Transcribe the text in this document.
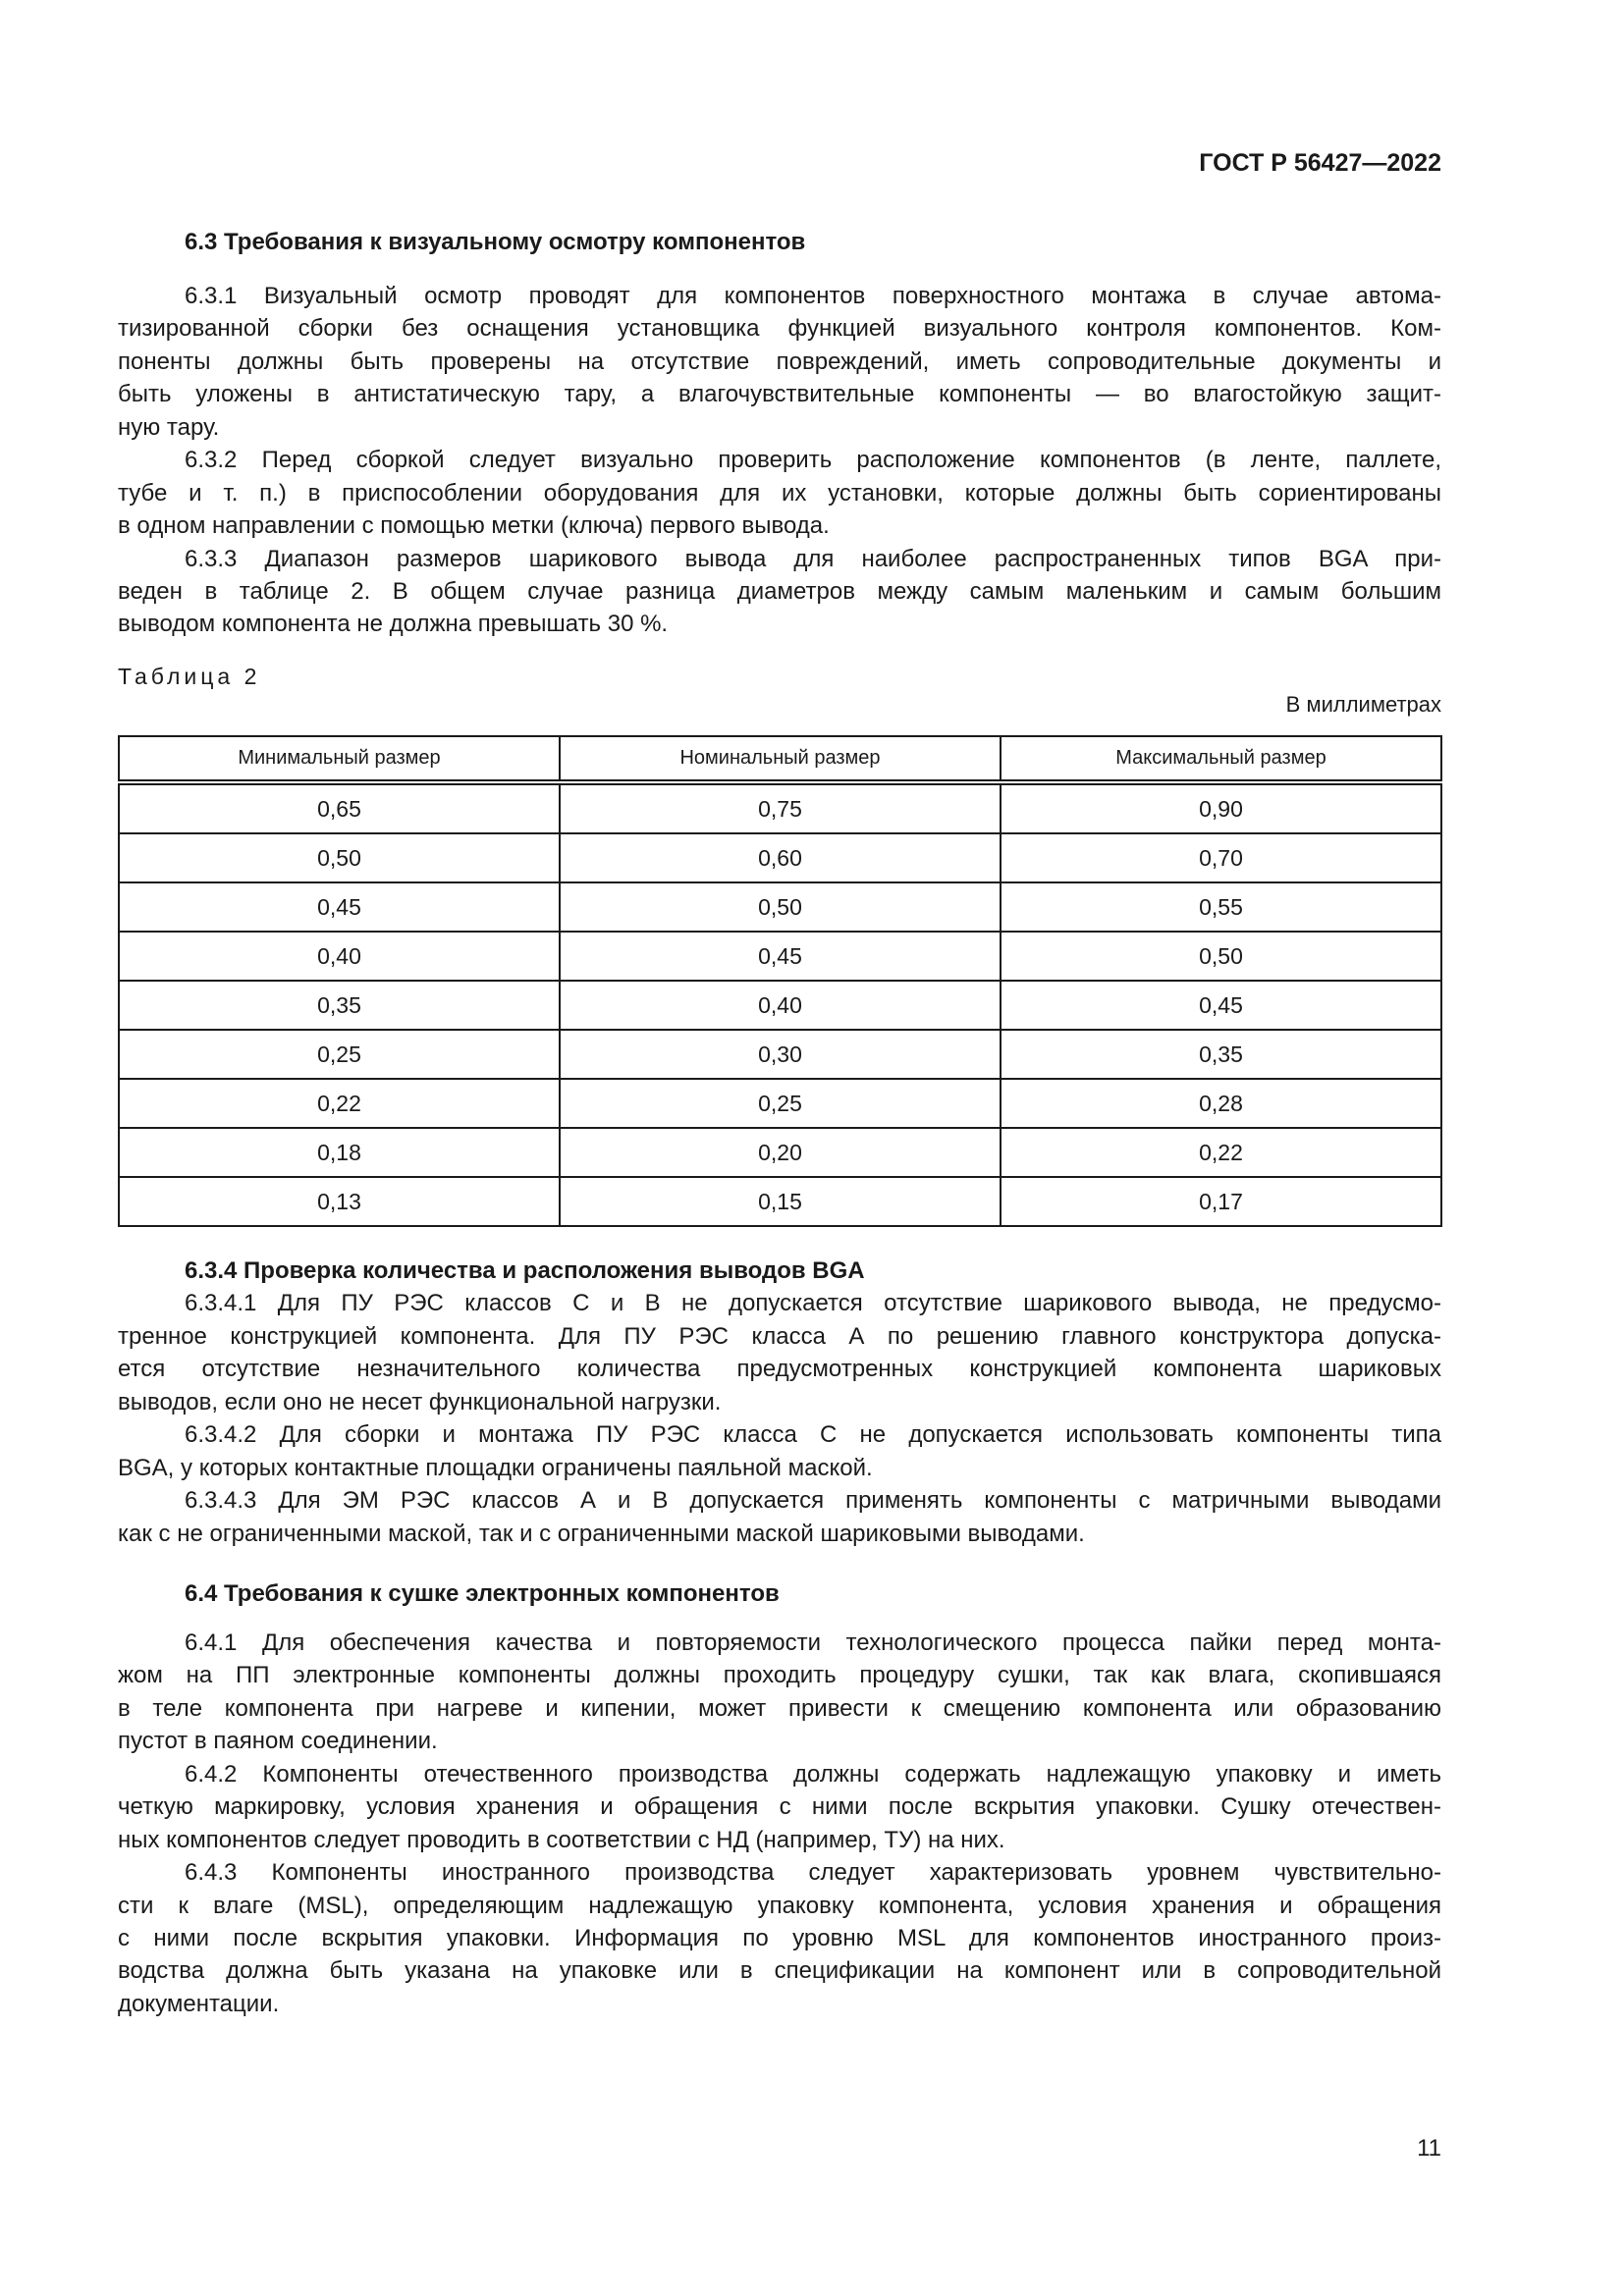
ГОСТ Р 56427—2022
6.3 Требования к визуальному осмотру компонентов
6.3.1 Визуальный осмотр проводят для компонентов поверхностного монтажа в случае автома-
тизированной сборки без оснащения установщика функцией визуального контроля компонентов. Ком-
поненты должны быть проверены на отсутствие повреждений, иметь сопроводительные документы и
быть уложены в антистатическую тару, а влагочувствительные компоненты — во влагостойкую защит-
ную тару.
6.3.2 Перед сборкой следует визуально проверить расположение компонентов (в ленте, паллете,
тубе и т. п.) в приспособлении оборудования для их установки, которые должны быть сориентированы
в одном направлении с помощью метки (ключа) первого вывода.
6.3.3 Диапазон размеров шарикового вывода для наиболее распространенных типов BGA при-
веден в таблице 2. В общем случае разница диаметров между самым маленьким и самым большим
выводом компонента не должна превышать 30 %.
Таблица 2
В миллиметрах
Минимальный размер	Номинальный размер	Максимальный размер
0,65	0,75	0,90
0,50	0,60	0,70
0,45	0,50	0,55
0,40	0,45	0,50
0,35	0,40	0,45
0,25	0,30	0,35
0,22	0,25	0,28
0,18	0,20	0,22
0,13	0,15	0,17
6.3.4 Проверка количества и расположения выводов BGA
6.3.4.1 Для ПУ РЭС классов С и В не допускается отсутствие шарикового вывода, не предусмо-
тренное конструкцией компонента. Для ПУ РЭС класса А по решению главного конструктора допуска-
ется отсутствие незначительного количества предусмотренных конструкцией компонента шариковых
выводов, если оно не несет функциональной нагрузки.
6.3.4.2 Для сборки и монтажа ПУ РЭС класса С не допускается использовать компоненты типа
BGA, у которых контактные площадки ограничены паяльной маской.
6.3.4.3 Для ЭМ РЭС классов А и В допускается применять компоненты с матричными выводами
как с не ограниченными маской, так и с ограниченными маской шариковыми выводами.
6.4 Требования к сушке электронных компонентов
6.4.1 Для обеспечения качества и повторяемости технологического процесса пайки перед монта-
жом на ПП электронные компоненты должны проходить процедуру сушки, так как влага, скопившаяся
в теле компонента при нагреве и кипении, может привести к смещению компонента или образованию
пустот в паяном соединении.
6.4.2 Компоненты отечественного производства должны содержать надлежащую упаковку и иметь
четкую маркировку, условия хранения и обращения с ними после вскрытия упаковки. Сушку отечествен-
ных компонентов следует проводить в соответствии с НД (например, ТУ) на них.
6.4.3 Компоненты иностранного производства следует характеризовать уровнем чувствительно-
сти к влаге (MSL), определяющим надлежащую упаковку компонента, условия хранения и обращения
с ними после вскрытия упаковки. Информация по уровню MSL для компонентов иностранного произ-
водства должна быть указана на упаковке или в спецификации на компонент или в сопроводительной
документации.
11
